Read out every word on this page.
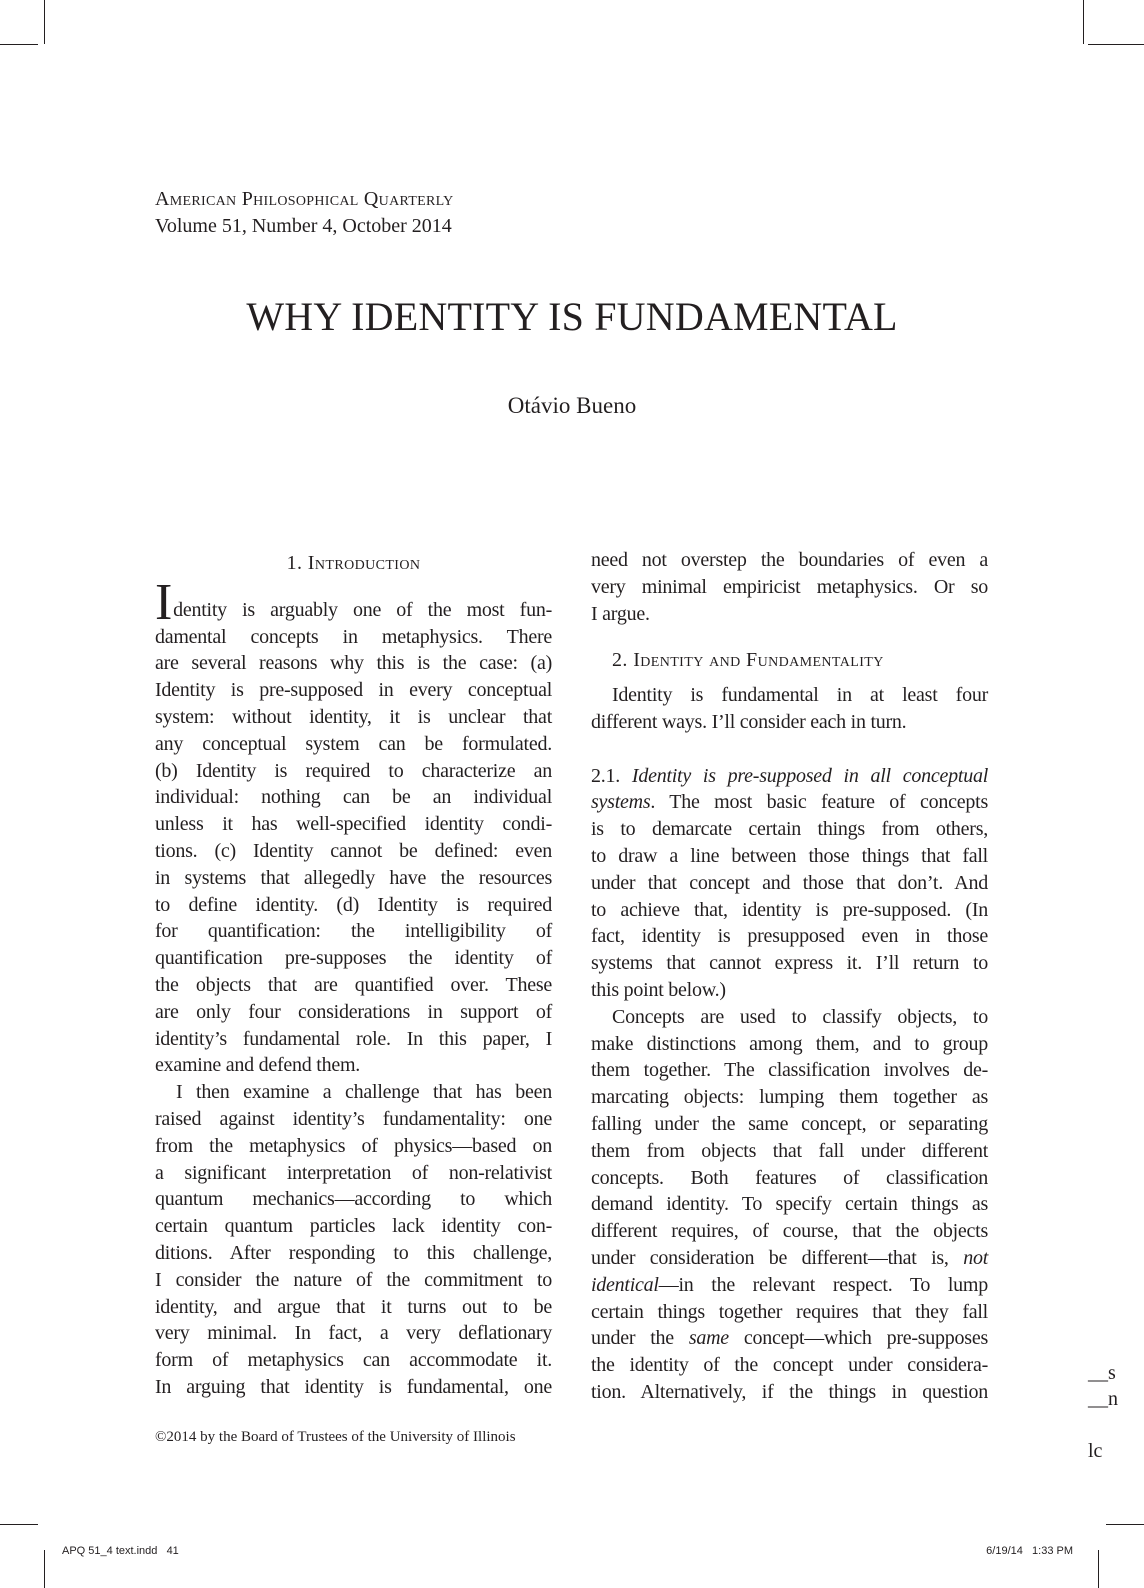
American Philosophical Quarterly
Volume 51, Number 4, October 2014
WHY IDENTITY IS FUNDAMENTAL
Otávio Bueno
1. Introduction
Identity is arguably one of the most fun-
damental concepts in metaphysics. There
are several reasons why this is the case: (a)
Identity is pre-supposed in every conceptual
system: without identity, it is unclear that
any conceptual system can be formulated.
(b) Identity is required to characterize an
individual: nothing can be an individual
unless it has well-specified identity condi-
tions. (c) Identity cannot be defined: even
in systems that allegedly have the resources
to define identity. (d) Identity is required
for quantification: the intelligibility of
quantification pre-supposes the identity of
the objects that are quantified over. These
are only four considerations in support of
identity’s fundamental role. In this paper, I
examine and defend them.
I then examine a challenge that has been
raised against identity’s fundamentality: one
from the metaphysics of physics—based on
a significant interpretation of non-relativist
quantum mechanics—according to which
certain quantum particles lack identity con-
ditions. After responding to this challenge,
I consider the nature of the commitment to
identity, and argue that it turns out to be
very minimal. In fact, a very deflationary
form of metaphysics can accommodate it.
In arguing that identity is fundamental, one
need not overstep the boundaries of even a
very minimal empiricist metaphysics. Or so
I argue.
2. Identity and Fundamentality
Identity is fundamental in at least four
different ways. I’ll consider each in turn.
2.1. Identity is pre-supposed in all conceptual
systems. The most basic feature of concepts
is to demarcate certain things from others,
to draw a line between those things that fall
under that concept and those that don’t. And
to achieve that, identity is pre-supposed. (In
fact, identity is presupposed even in those
systems that cannot express it. I’ll return to
this point below.)
Concepts are used to classify objects, to
make distinctions among them, and to group
them together. The classification involves de-
marcating objects: lumping them together as
falling under the same concept, or separating
them from objects that fall under different
concepts. Both features of classification
demand identity. To specify certain things as
different requires, of course, that the objects
under consideration be different—that is, not
identical—in the relevant respect. To lump
certain things together requires that they fall
under the same concept—which pre-supposes
the identity of the concept under considera-
tion. Alternatively, if the things in question
©2014 by the Board of Trustees of the University of Illinois
__s
__n
lc
APQ 51_4 text.indd   41	6/19/14   1:33 PM
